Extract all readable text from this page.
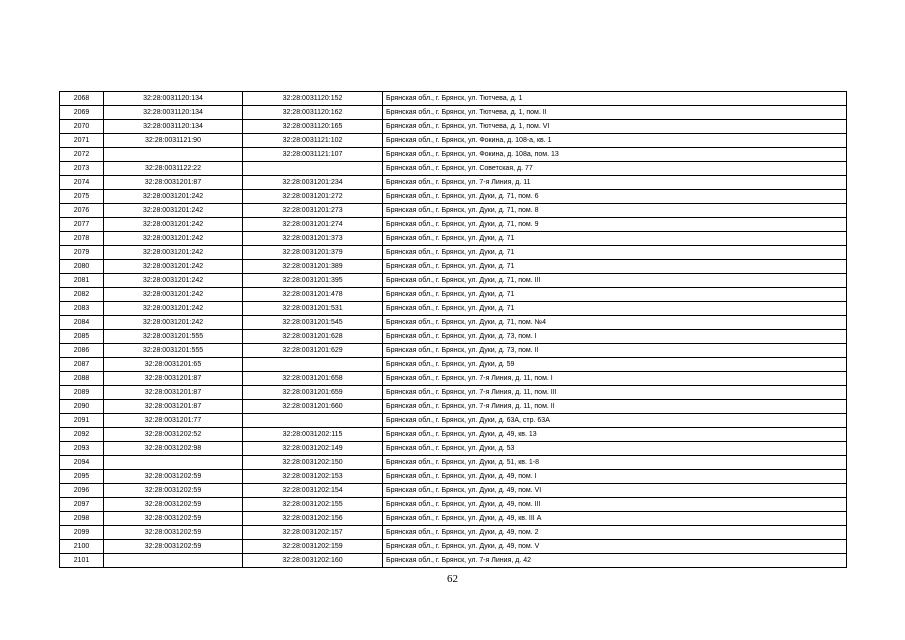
2068	32:28:0031120:134	32:28:0031120:152	Брянская обл., г. Брянск, ул. Тютчева, д. 1
2069	32:28:0031120:134	32:28:0031120:162	Брянская обл., г. Брянск, ул. Тютчева, д. 1, пом. II
2070	32:28:0031120:134	32:28:0031120:165	Брянская обл., г. Брянск, ул. Тютчева, д. 1, пом. VI
2071	32:28:0031121:90	32:28:0031121:102	Брянская обл., г. Брянск, ул. Фокина, д. 108-а, кв. 1
2072		32:28:0031121:107	Брянская обл., г. Брянск, ул. Фокина, д. 108а, пом. 13
2073	32:28:0031122:22		Брянская обл., г. Брянск, ул. Советская, д. 77
2074	32:28:0031201:87	32:28:0031201:234	Брянская обл., г. Брянск, ул. 7-я Линия, д. 11
2075	32:28:0031201:242	32:28:0031201:272	Брянская обл., г. Брянск, ул. Дуки, д. 71, пом. 6
2076	32:28:0031201:242	32:28:0031201:273	Брянская обл., г. Брянск, ул. Дуки, д. 71, пом. 8
2077	32:28:0031201:242	32:28:0031201:274	Брянская обл., г. Брянск, ул. Дуки, д. 71, пом. 9
2078	32:28:0031201:242	32:28:0031201:373	Брянская обл., г. Брянск, ул. Дуки, д. 71
2079	32:28:0031201:242	32:28:0031201:379	Брянская обл., г. Брянск, ул. Дуки, д. 71
2080	32:28:0031201:242	32:28:0031201:389	Брянская обл., г. Брянск, ул. Дуки, д. 71
2081	32:28:0031201:242	32:28:0031201:395	Брянская обл., г. Брянск, ул. Дуки, д. 71, пом. III
2082	32:28:0031201:242	32:28:0031201:478	Брянская обл., г. Брянск, ул. Дуки, д. 71
2083	32:28:0031201:242	32:28:0031201:531	Брянская обл., г. Брянск, ул. Дуки, д. 71
2084	32:28:0031201:242	32:28:0031201:545	Брянская обл., г. Брянск, ул. Дуки, д. 71, пом. №4
2085	32:28:0031201:555	32:28:0031201:628	Брянская обл., г. Брянск, ул. Дуки, д. 73, пом. I
2086	32:28:0031201:555	32:28:0031201:629	Брянская обл., г. Брянск, ул. Дуки, д. 73, пом. II
2087	32:28:0031201:65		Брянская обл., г. Брянск, ул. Дуки, д. 59
2088	32:28:0031201:87	32:28:0031201:658	Брянская обл., г. Брянск, ул. 7-я Линия, д. 11, пом. I
2089	32:28:0031201:87	32:28:0031201:659	Брянская обл., г. Брянск, ул. 7-я Линия, д. 11, пом. III
2090	32:28:0031201:87	32:28:0031201:660	Брянская обл., г. Брянск, ул. 7-я Линия, д. 11, пом. II
2091	32:28:0031201:77		Брянская обл., г. Брянск, ул. Дуки, д. 63А, стр. 63А
2092	32:28:0031202:52	32:28:0031202:115	Брянская обл., г. Брянск, ул. Дуки, д. 49, кв. 13
2093	32:28:0031202:98	32:28:0031202:149	Брянская обл., г. Брянск, ул. Дуки, д. 53
2094		32:28:0031202:150	Брянская обл., г. Брянск, ул. Дуки, д. 51, кв. 1-8
2095	32:28:0031202:59	32:28:0031202:153	Брянская обл., г. Брянск, ул. Дуки, д. 49, пом. I
2096	32:28:0031202:59	32:28:0031202:154	Брянская обл., г. Брянск, ул. Дуки, д. 49, пом. VI
2097	32:28:0031202:59	32:28:0031202:155	Брянская обл., г. Брянск, ул. Дуки, д. 49, пом. III
2098	32:28:0031202:59	32:28:0031202:156	Брянская обл., г. Брянск, ул. Дуки, д. 49, кв. III А
2099	32:28:0031202:59	32:28:0031202:157	Брянская обл., г. Брянск, ул. Дуки, д. 49, пом. 2
2100	32:28:0031202:59	32:28:0031202:159	Брянская обл., г. Брянск, ул. Дуки, д. 49, пом. V
2101		32:28:0031202:160	Брянская обл., г. Брянск, ул. 7-я Линия, д. 42
62
